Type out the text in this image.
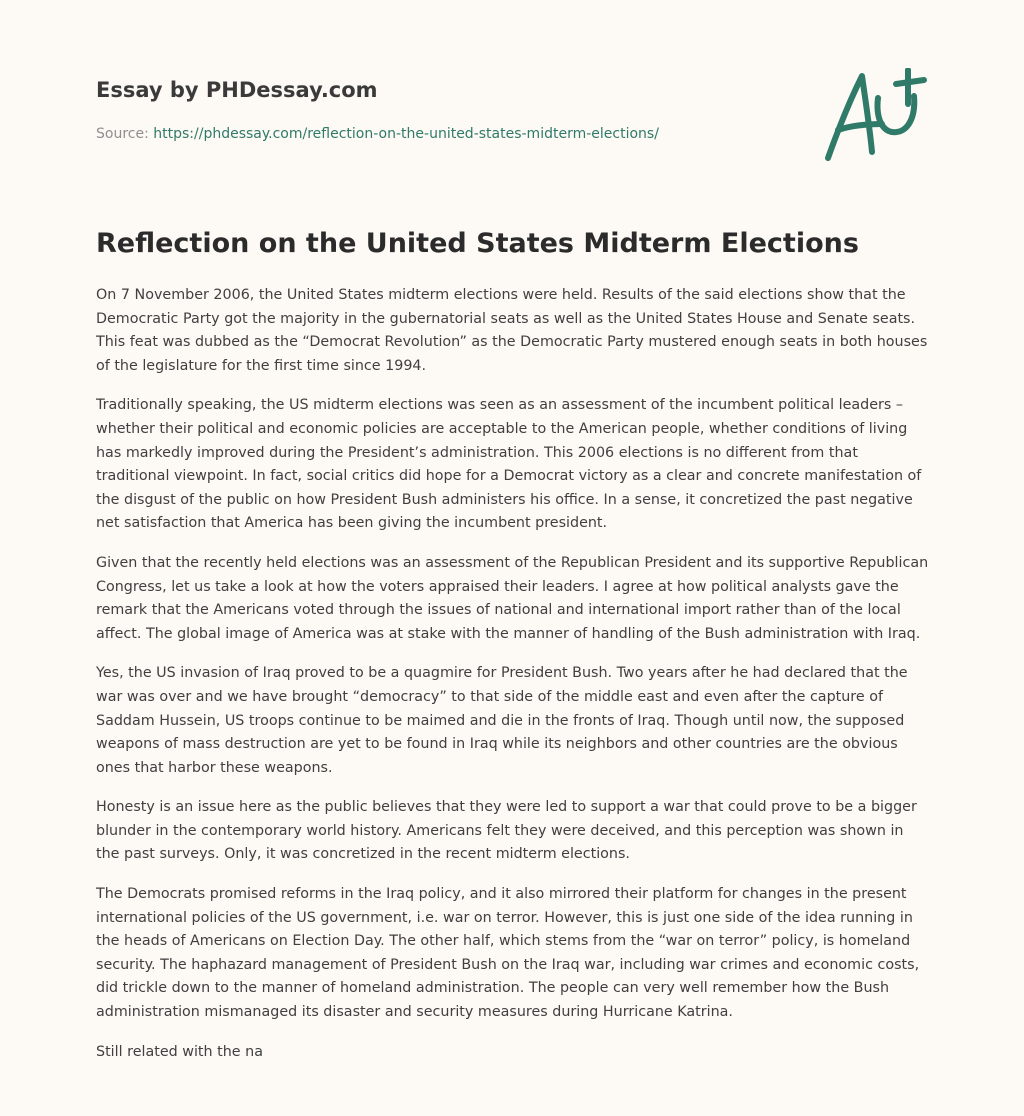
Essay by PHDessay.com
Source: https://phdessay.com/reflection-on-the-united-states-midterm-elections/
Reflection on the United States Midterm Elections

On 7 November 2006, the United States midterm elections were held. Results of the said elections show that the Democratic Party got the majority in the gubernatorial seats as well as the United States House and Senate seats. This feat was dubbed as the “Democrat Revolution” as the Democratic Party mustered enough seats in both houses of the legislature for the first time since 1994.

Traditionally speaking, the US midterm elections was seen as an assessment of the incumbent political leaders – whether their political and economic policies are acceptable to the American people, whether conditions of living has markedly improved during the President’s administration. This 2006 elections is no different from that traditional viewpoint. In fact, social critics did hope for a Democrat victory as a clear and concrete manifestation of the disgust of the public on how President Bush administers his office. In a sense, it concretized the past negative net satisfaction that America has been giving the incumbent president.

Given that the recently held elections was an assessment of the Republican President and its supportive Republican Congress, let us take a look at how the voters appraised their leaders. I agree at how political analysts gave the remark that the Americans voted through the issues of national and international import rather than of the local affect. The global image of America was at stake with the manner of handling of the Bush administration with Iraq.

Yes, the US invasion of Iraq proved to be a quagmire for President Bush. Two years after he had declared that the war was over and we have brought “democracy” to that side of the middle east and even after the capture of Saddam Hussein, US troops continue to be maimed and die in the fronts of Iraq. Though until now, the supposed weapons of mass destruction are yet to be found in Iraq while its neighbors and other countries are the obvious ones that harbor these weapons.

Honesty is an issue here as the public believes that they were led to support a war that could prove to be a bigger blunder in the contemporary world history. Americans felt they were deceived, and this perception was shown in the past surveys. Only, it was concretized in the recent midterm elections.

The Democrats promised reforms in the Iraq policy, and it also mirrored their platform for changes in the present international policies of the US government, i.e. war on terror. However, this is just one side of the idea running in the heads of Americans on Election Day. The other half, which stems from the “war on terror” policy, is homeland security. The haphazard management of President Bush on the Iraq war, including war crimes and economic costs, did trickle down to the manner of homeland administration. The people can very well remember how the Bush administration mismanaged its disaster and security measures during Hurricane Katrina.

Still related with the na
